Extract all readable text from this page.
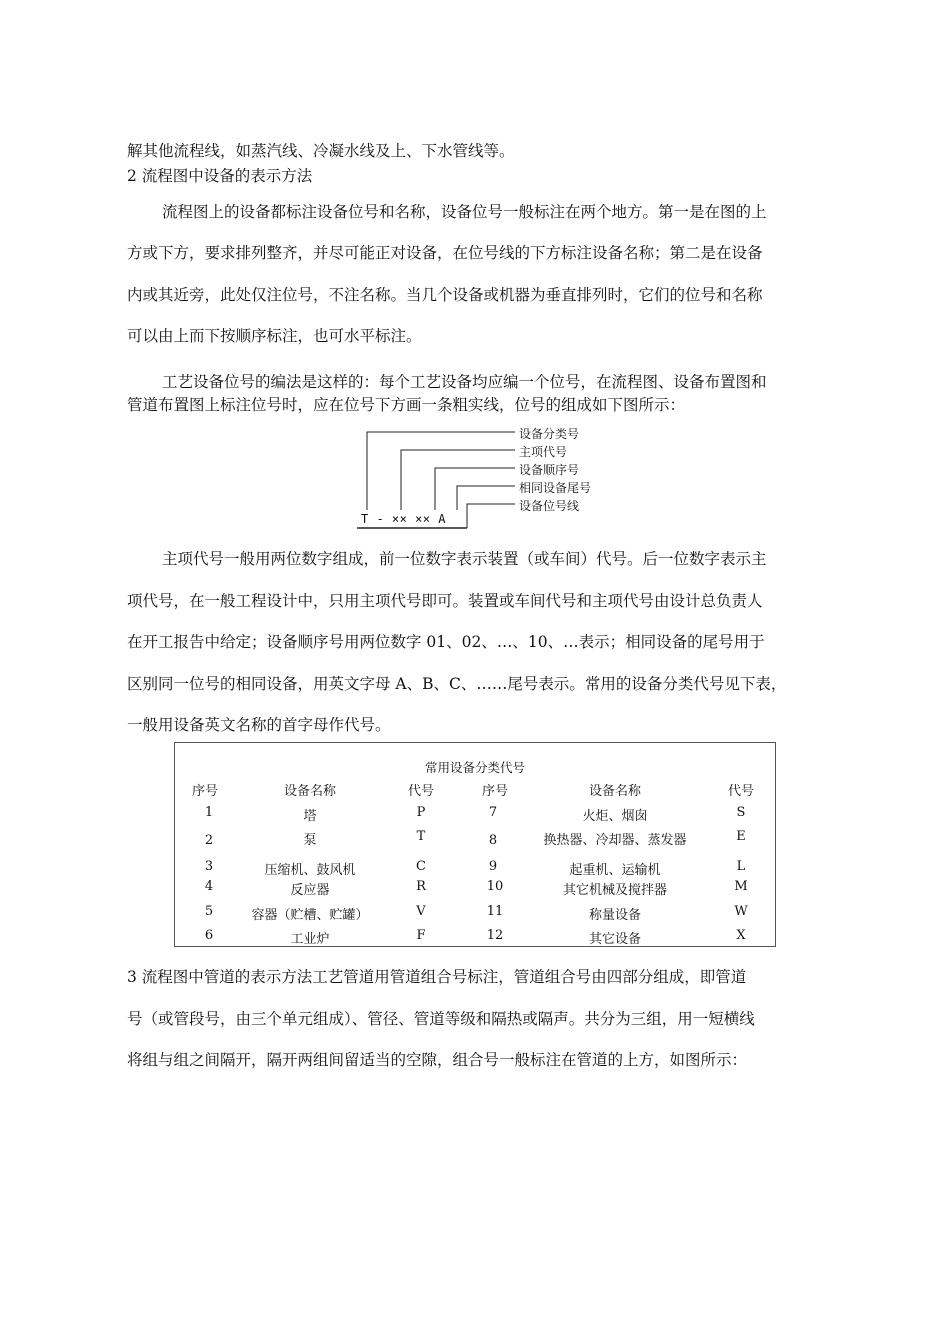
解其他流程线，如蒸汽线、冷凝水线及上、下水管线等。

2 流程图中设备的表示方法

流程图上的设备都标注设备位号和名称，设备位号一般标注在两个地方。第一是在图的上

方或下方，要求排列整齐，并尽可能正对设备，在位号线的下方标注设备名称；第二是在设备

内或其近旁，此处仅注位号，不注名称。当几个设备或机器为垂直排列时，它们的位号和名称

可以由上而下按顺序标注，也可水平标注。

工艺设备位号的编法是这样的：每个工艺设备均应编一个位号，在流程图、设备布置图和

管道布置图上标注位号时，应在位号下方画一条粗实线，位号的组成如下图所示：

设备分类号
主项代号
设备顺序号
相同设备尾号
设备位号线
T - ×× ×× A

主项代号一般用两位数字组成，前一位数字表示装置（或车间）代号。后一位数字表示主

项代号，在一般工程设计中，只用主项代号即可。装置或车间代号和主项代号由设计总负责人

在开工报告中给定；设备顺序号用两位数字 01、02、…、10、…表示；相同设备的尾号用于

区别同一位号的相同设备，用英文字母 A、B、C、……尾号表示。常用的设备分类代号见下表，

一般用设备英文名称的首字母作代号。

常用设备分类代号
序号	设备名称	代号	序号	设备名称	代号
1	塔	P	7	火炬、烟囱	S
2	泵	T	8	换热器、冷却器、蒸发器	E
3	压缩机、鼓风机	C	9	起重机、运输机	L
4	反应器	R	10	其它机械及搅拌器	M
5	容器（贮槽、贮罐）	V	11	称量设备	W
6	工业炉	F	12	其它设备	X

3 流程图中管道的表示方法工艺管道用管道组合号标注，管道组合号由四部分组成，即管道

号（或管段号，由三个单元组成）、管径、管道等级和隔热或隔声。共分为三组，用一短横线

将组与组之间隔开，隔开两组间留适当的空隙，组合号一般标注在管道的上方，如图所示：
